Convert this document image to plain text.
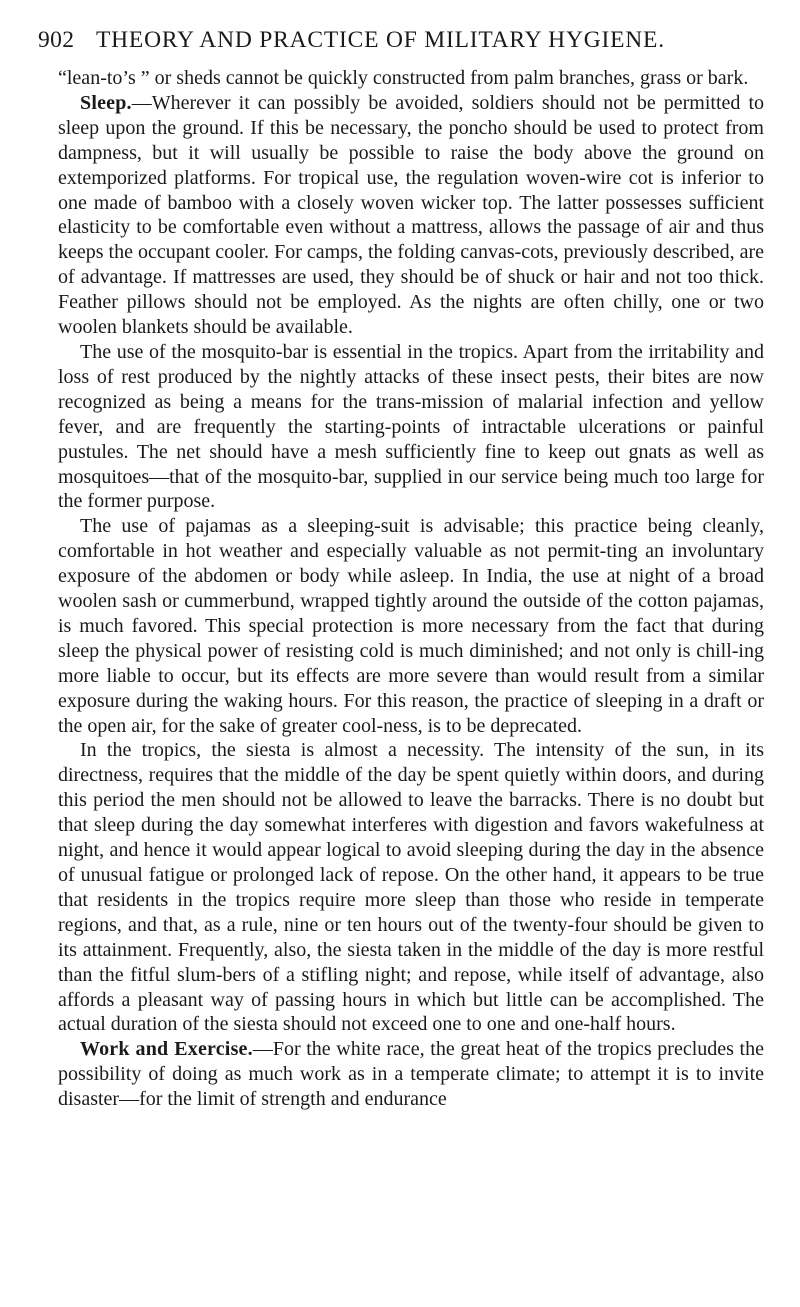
902 THEORY AND PRACTICE OF MILITARY HYGIENE.

“lean-to’s ” or sheds cannot be quickly constructed from palm branches, grass or bark.

Sleep.—Wherever it can possibly be avoided, soldiers should not be permitted to sleep upon the ground. If this be necessary, the poncho should be used to protect from dampness, but it will usually be possible to raise the body above the ground on extemporized platforms. For tropical use, the regulation woven-wire cot is inferior to one made of bamboo with a closely woven wicker top. The latter possesses sufficient elasticity to be comfortable even without a mattress, allows the passage of air and thus keeps the occupant cooler. For camps, the folding canvas-cots, previously described, are of advantage. If mattresses are used, they should be of shuck or hair and not too thick. Feather pillows should not be employed. As the nights are often chilly, one or two woolen blankets should be available.

The use of the mosquito-bar is essential in the tropics. Apart from the irritability and loss of rest produced by the nightly attacks of these insect pests, their bites are now recognized as being a means for the trans-mission of malarial infection and yellow fever, and are frequently the starting-points of intractable ulcerations or painful pustules. The net should have a mesh sufficiently fine to keep out gnats as well as mosquitoes—that of the mosquito-bar, supplied in our service being much too large for the former purpose.

The use of pajamas as a sleeping-suit is advisable; this practice being cleanly, comfortable in hot weather and especially valuable as not permit-ting an involuntary exposure of the abdomen or body while asleep. In India, the use at night of a broad woolen sash or cummerbund, wrapped tightly around the outside of the cotton pajamas, is much favored. This special protection is more necessary from the fact that during sleep the physical power of resisting cold is much diminished; and not only is chill-ing more liable to occur, but its effects are more severe than would result from a similar exposure during the waking hours. For this reason, the practice of sleeping in a draft or the open air, for the sake of greater cool-ness, is to be deprecated.

In the tropics, the siesta is almost a necessity. The intensity of the sun, in its directness, requires that the middle of the day be spent quietly within doors, and during this period the men should not be allowed to leave the barracks. There is no doubt but that sleep during the day somewhat interferes with digestion and favors wakefulness at night, and hence it would appear logical to avoid sleeping during the day in the absence of unusual fatigue or prolonged lack of repose. On the other hand, it appears to be true that residents in the tropics require more sleep than those who reside in temperate regions, and that, as a rule, nine or ten hours out of the twenty-four should be given to its attainment. Frequently, also, the siesta taken in the middle of the day is more restful than the fitful slum-bers of a stifling night; and repose, while itself of advantage, also affords a pleasant way of passing hours in which but little can be accomplished. The actual duration of the siesta should not exceed one to one and one-half hours.

Work and Exercise.—For the white race, the great heat of the tropics precludes the possibility of doing as much work as in a temperate climate; to attempt it is to invite disaster—for the limit of strength and endurance
